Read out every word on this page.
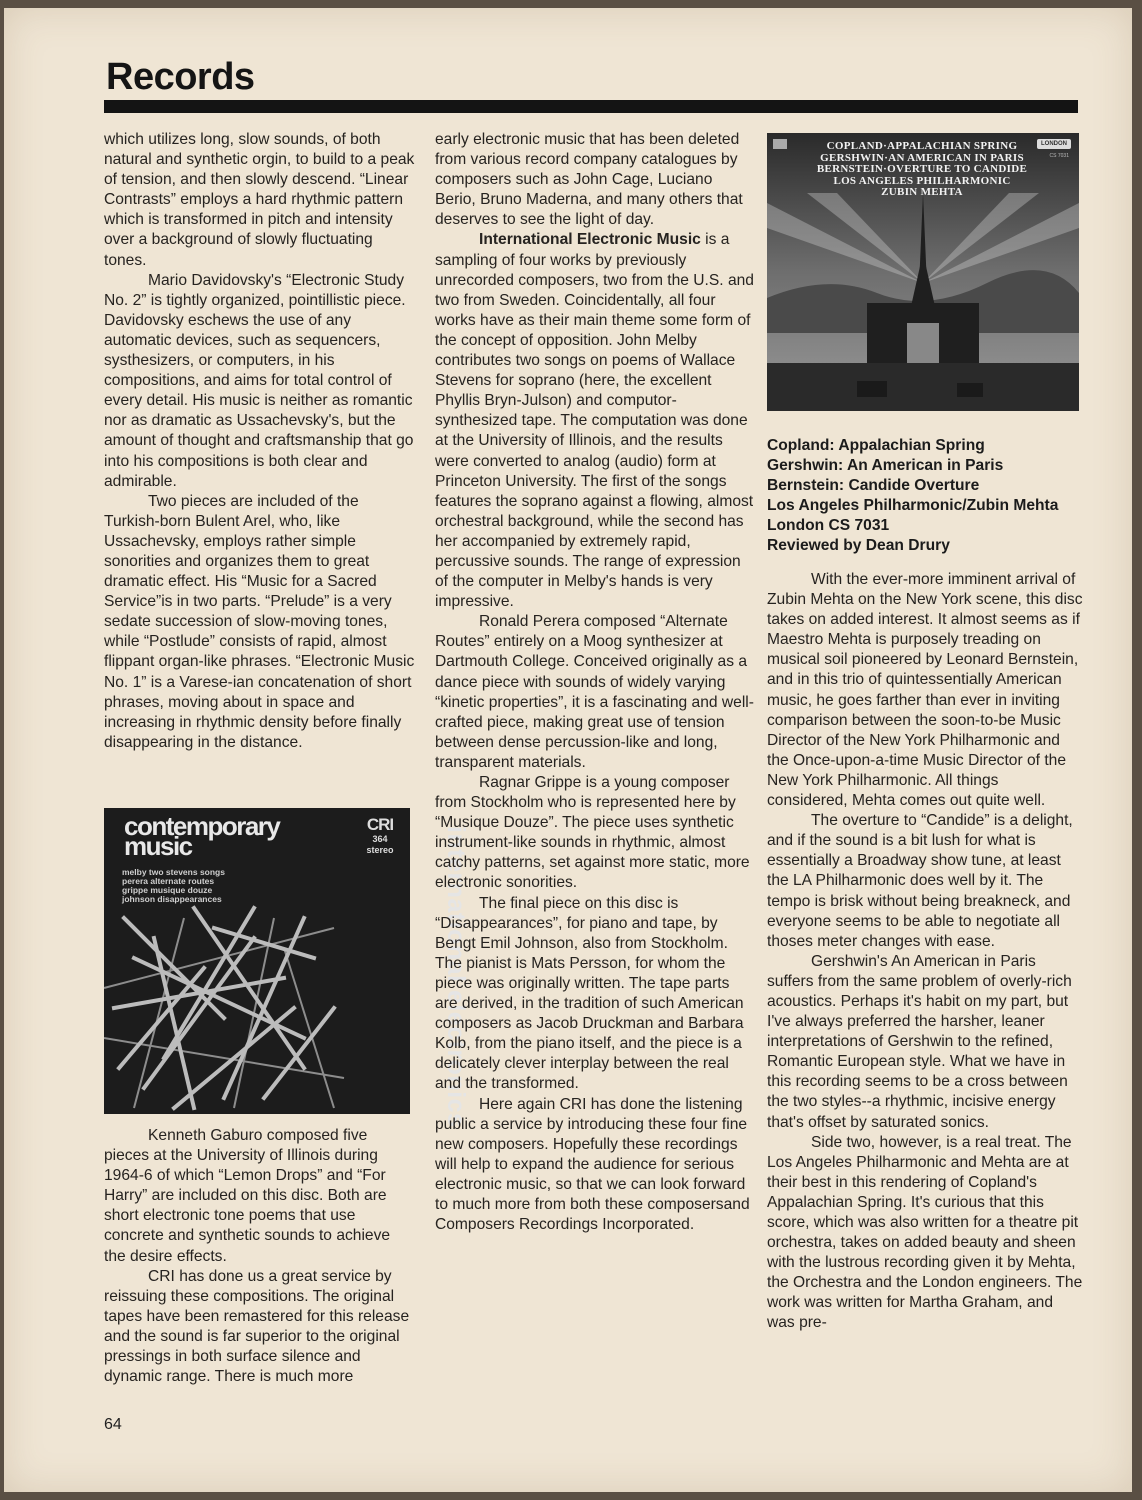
Records

which utilizes long, slow sounds, of both natural and synthetic orgin, to build to a peak of tension, and then slowly descend. “Linear Contrasts” employs a hard rhythmic pattern which is transformed in pitch and intensity over a background of slowly fluctuating tones.

Mario Davidovsky's “Electronic Study No. 2” is tightly organized, pointillistic piece. Davidovsky eschews the use of any automatic devices, such as sequencers, systhesizers, or computers, in his compositions, and aims for total control of every detail. His music is neither as romantic nor as dramatic as Ussachevsky's, but the amount of thought and craftsmanship that go into his compositions is both clear and admirable.

Two pieces are included of the Turkish-born Bulent Arel, who, like Ussachevsky, employs rather simple sonorities and organizes them to great dramatic effect. His “Music for a Sacred Service”is in two parts. “Prelude” is a very sedate succession of slow-moving tones, while “Postlude” consists of rapid, almost flippant organ-like phrases. “Electronic Music No. 1” is a Varese-ian concatenation of short phrases, moving about in space and increasing in rhythmic density before finally disappearing in the distance.

contemporary music
melby two stevens songs
perera alternate routes
grippe musique douze
johnson disappearances
CRI
364
stereo	international electronics

Kenneth Gaburo composed five pieces at the University of Illinois during 1964-6 of which “Lemon Drops” and “For Harry” are included on this disc. Both are short electronic tone poems that use concrete and synthetic sounds to achieve the desire effects.

CRI has done us a great service by reissuing these compositions. The original tapes have been remastered for this release and the sound is far superior to the original pressings in both surface silence and dynamic range. There is much more

early electronic music that has been deleted from various record company catalogues by composers such as John Cage, Luciano Berio, Bruno Maderna, and many others that deserves to see the light of day.

International Electronic Music is a sampling of four works by previously unrecorded composers, two from the U.S. and two from Sweden. Coincidentally, all four works have as their main theme some form of the concept of opposition. John Melby contributes two songs on poems of Wallace Stevens for soprano (here, the excellent Phyllis Bryn-Julson) and computor-synthesized tape. The computation was done at the University of Illinois, and the results were converted to analog (audio) form at Princeton University. The first of the songs features the soprano against a flowing, almost orchestral background, while the second has her accompanied by extremely rapid, percussive sounds. The range of expression of the computer in Melby's hands is very impressive.

Ronald Perera composed “Alternate Routes” entirely on a Moog synthesizer at Dartmouth College. Conceived originally as a dance piece with sounds of widely varying “kinetic properties”, it is a fascinating and well-crafted piece, making great use of tension between dense percussion-like and long, transparent materials.

Ragnar Grippe is a young composer from Stockholm who is represented here by “Musique Douze”. The piece uses synthetic instrument-like sounds in rhythmic, almost catchy patterns, set against more static, more electronic sonorities.

The final piece on this disc is “Disappearances”, for piano and tape, by Bengt Emil Johnson, also from Stockholm. The pianist is Mats Persson, for whom the piece was originally written. The tape parts are derived, in the tradition of such American composers as Jacob Druckman and Barbara Kolb, from the piano itself, and the piece is a delicately clever interplay between the real and the transformed.

Here again CRI has done the listening public a service by introducing these four fine new composers. Hopefully these recordings will help to expand the audience for serious electronic music, so that we can look forward to much more from both these composersand Composers Recordings Incorporated.

LONDON
CS 7031
COPLAND·APPALACHIAN SPRING
GERSHWIN·AN AMERICAN IN PARIS
BERNSTEIN·OVERTURE TO CANDIDE
LOS ANGELES PHILHARMONIC
ZUBIN MEHTA
Copland: Appalachian Spring
Gershwin: An American in Paris
Bernstein: Candide Overture
Los Angeles Philharmonic/Zubin Mehta
London CS 7031
Reviewed by Dean Drury

With the ever-more imminent arrival of Zubin Mehta on the New York scene, this disc takes on added interest. It almost seems as if Maestro Mehta is purposely treading on musical soil pioneered by Leonard Bernstein, and in this trio of quintessentially American music, he goes farther than ever in inviting comparison between the soon-to-be Music Director of the New York Philharmonic and the Once-upon-a-time Music Director of the New York Philharmonic. All things considered, Mehta comes out quite well.

The overture to “Candide” is a delight, and if the sound is a bit lush for what is essentially a Broadway show tune, at least the LA Philharmonic does well by it. The tempo is brisk without being breakneck, and everyone seems to be able to negotiate all thoses meter changes with ease.

Gershwin's An American in Paris suffers from the same problem of overly-rich acoustics. Perhaps it's habit on my part, but I've always preferred the harsher, leaner interpretations of Gershwin to the refined, Romantic European style. What we have in this recording seems to be a cross between the two styles--a rhythmic, incisive energy that's offset by saturated sonics.

Side two, however, is a real treat. The Los Angeles Philharmonic and Mehta are at their best in this rendering of Copland's Appalachian Spring. It's curious that this score, which was also written for a theatre pit orchestra, takes on added beauty and sheen with the lustrous recording given it by Mehta, the Orchestra and the London engineers. The work was written for Martha Graham, and was pre-

64
